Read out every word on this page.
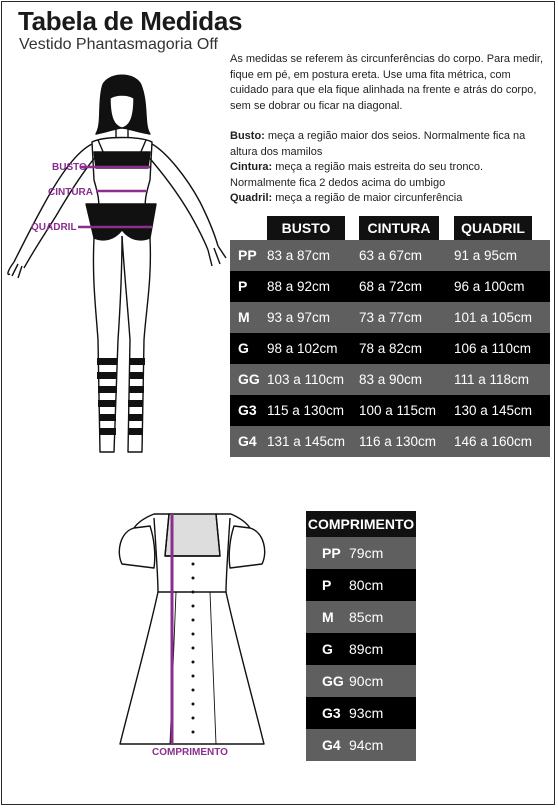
Tabela de Medidas
Vestido Phantasmagoria Off

As medidas se referem às circunferências do corpo. Para medir, fique em pé, em postura ereta. Use uma fita métrica, com cuidado para que ela fique alinhada na frente e atrás do corpo, sem se dobrar ou ficar na diagonal.

Busto: meça a região maior dos seios. Normalmente fica na altura dos mamilos

Cintura: meça a região mais estreita do seu tronco. Normalmente fica 2 dedos acima do umbigo

Quadril: meça a região de maior circunferência

BUSTO
CINTURA
QUADRIL	BUSTO	CINTURA	QUADRIL
PP 83 a 87cm 63 a 67cm 91 a 95cm
P 88 a 92cm 68 a 72cm 96 a 100cm
M 93 a 97cm 73 a 77cm 101 a 105cm
G 98 a 102cm 78 a 82cm 106 a 110cm
GG 103 a 110cm 83 a 90cm 111 a 118cm
G3 115 a 130cm 100 a 115cm 130 a 145cm
G4 131 a 145cm 116 a 130cm 146 a 160cm
COMPRIMENTO
COMPRIMENTO
PP 79cm
P 80cm
M 85cm
G 89cm
GG 90cm
G3 93cm
G4 94cm
